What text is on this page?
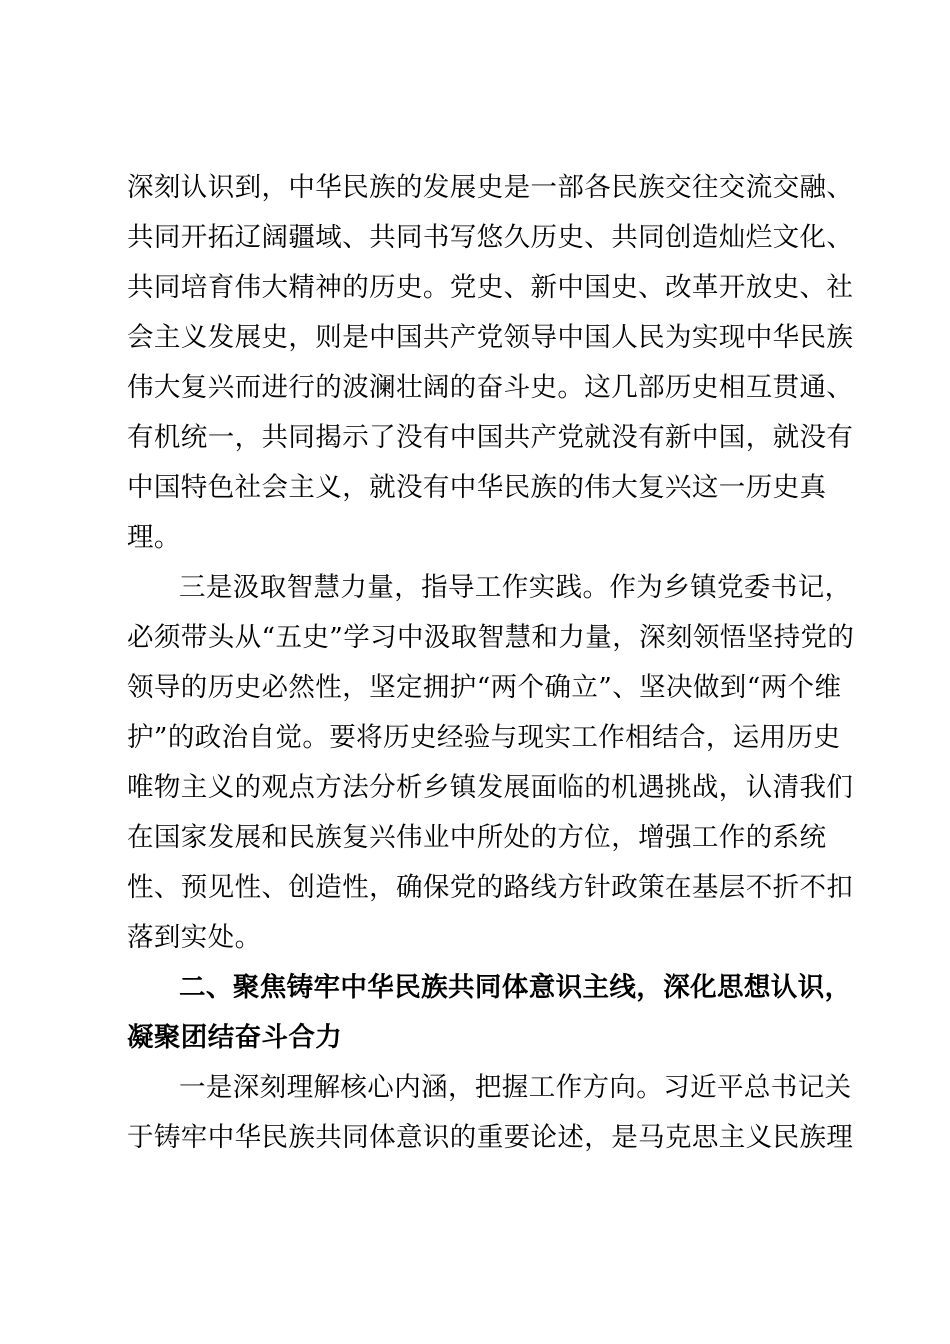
深刻认识到，中华民族的发展史是一部各民族交往交流交融、
共同开拓辽阔疆域、共同书写悠久历史、共同创造灿烂文化、
共同培育伟大精神的历史。党史、新中国史、改革开放史、社
会主义发展史，则是中国共产党领导中国人民为实现中华民族
伟大复兴而进行的波澜壮阔的奋斗史。这几部历史相互贯通、
有机统一，共同揭示了没有中国共产党就没有新中国，就没有
中国特色社会主义，就没有中华民族的伟大复兴这一历史真
理。
三是汲取智慧力量，指导工作实践。作为乡镇党委书记，
必须带头从“五史”学习中汲取智慧和力量，深刻领悟坚持党的
领导的历史必然性，坚定拥护“两个确立”、坚决做到“两个维
护”的政治自觉。要将历史经验与现实工作相结合，运用历史
唯物主义的观点方法分析乡镇发展面临的机遇挑战，认清我们
在国家发展和民族复兴伟业中所处的方位，增强工作的系统
性、预见性、创造性，确保党的路线方针政策在基层不折不扣
落到实处。
二、聚焦铸牢中华民族共同体意识主线，深化思想认识，
凝聚团结奋斗合力
一是深刻理解核心内涵，把握工作方向。习近平总书记关
于铸牢中华民族共同体意识的重要论述，是马克思主义民族理
